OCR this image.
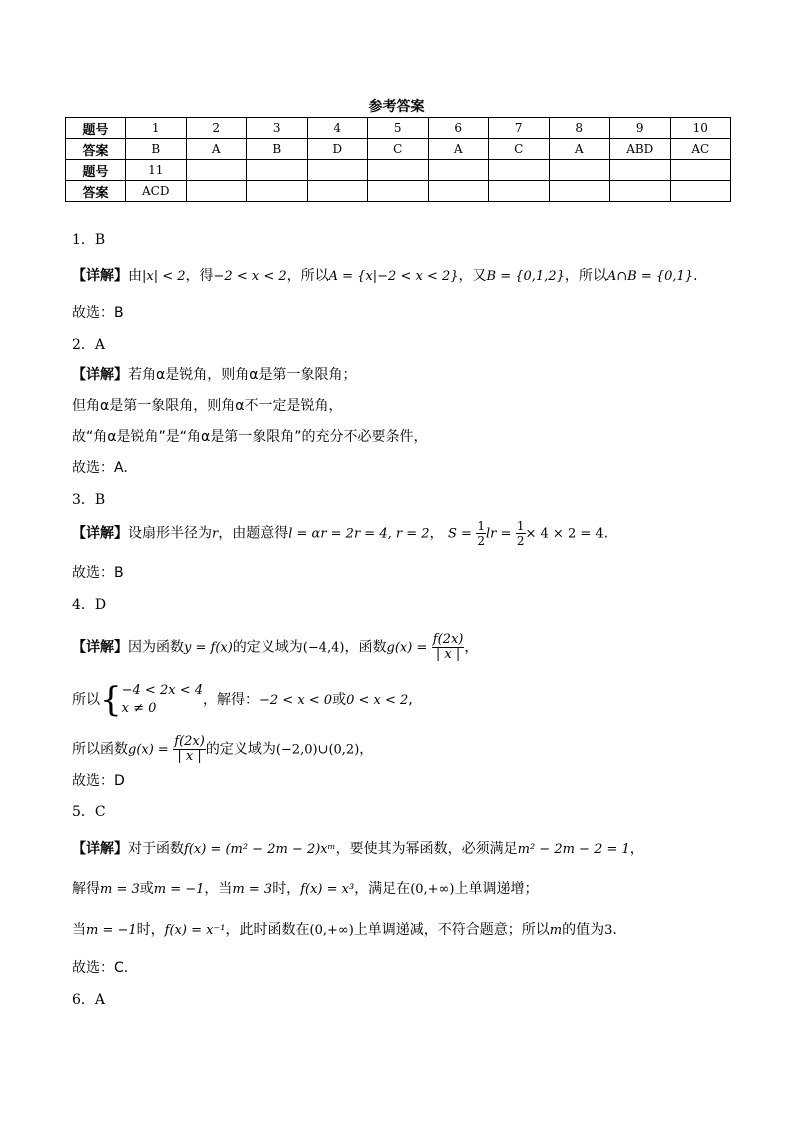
参考答案
题号	1	2	3	4	5	6	7	8	9	10
答案	B	A	B	D	C	A	C	A	ABD	AC
题号	11									
答案	ACD									
1．B
【详解】由|x| < 2，得−2 < x < 2，所以A = {x|−2 < x < 2}，又B = {0,1,2}，所以A∩B = {0,1}.
故选：B
2．A
【详解】若角α是锐角，则角α是第一象限角；
但角α是第一象限角，则角α不一定是锐角，
故“角α是锐角”是“角α是第一象限角”的充分不必要条件，
故选：A.
3．B
【详解】设扇形半径为r，由题意得l = αr = 2r = 4, r = 2， $S = \frac{1}{2}$ lr = $\frac{1}{2} \times 4 \times 2 = 4$.
故选：B
4．D
【详解】因为函数y = f(x)的定义域为(−4,4)，函数$g(x) = \frac{f(2x)}{| x |}$ ，
所以{ −4 < 2x < 4
x ≠ 0
，解得：−2 < x < 0或0 < x < 2,
所以函数$g(x) = \frac{f(2x)}{| x |}$ 的定义域为(−2,0)∪(0,2)，
故选：D
5．C
【详解】对于函数f(x) = (m² − 2m − 2)xᵐ，要使其为幂函数，必须满足m² − 2m − 2 = 1，
解得m = 3或m = −1，当m = 3时，f(x) = x³，满足在(0,+∞)上单调递增；
当m = −1时，f(x) = x⁻¹，此时函数在(0,+∞)上单调递减，不符合题意；所以m的值为3.
故选：C.
6．A
